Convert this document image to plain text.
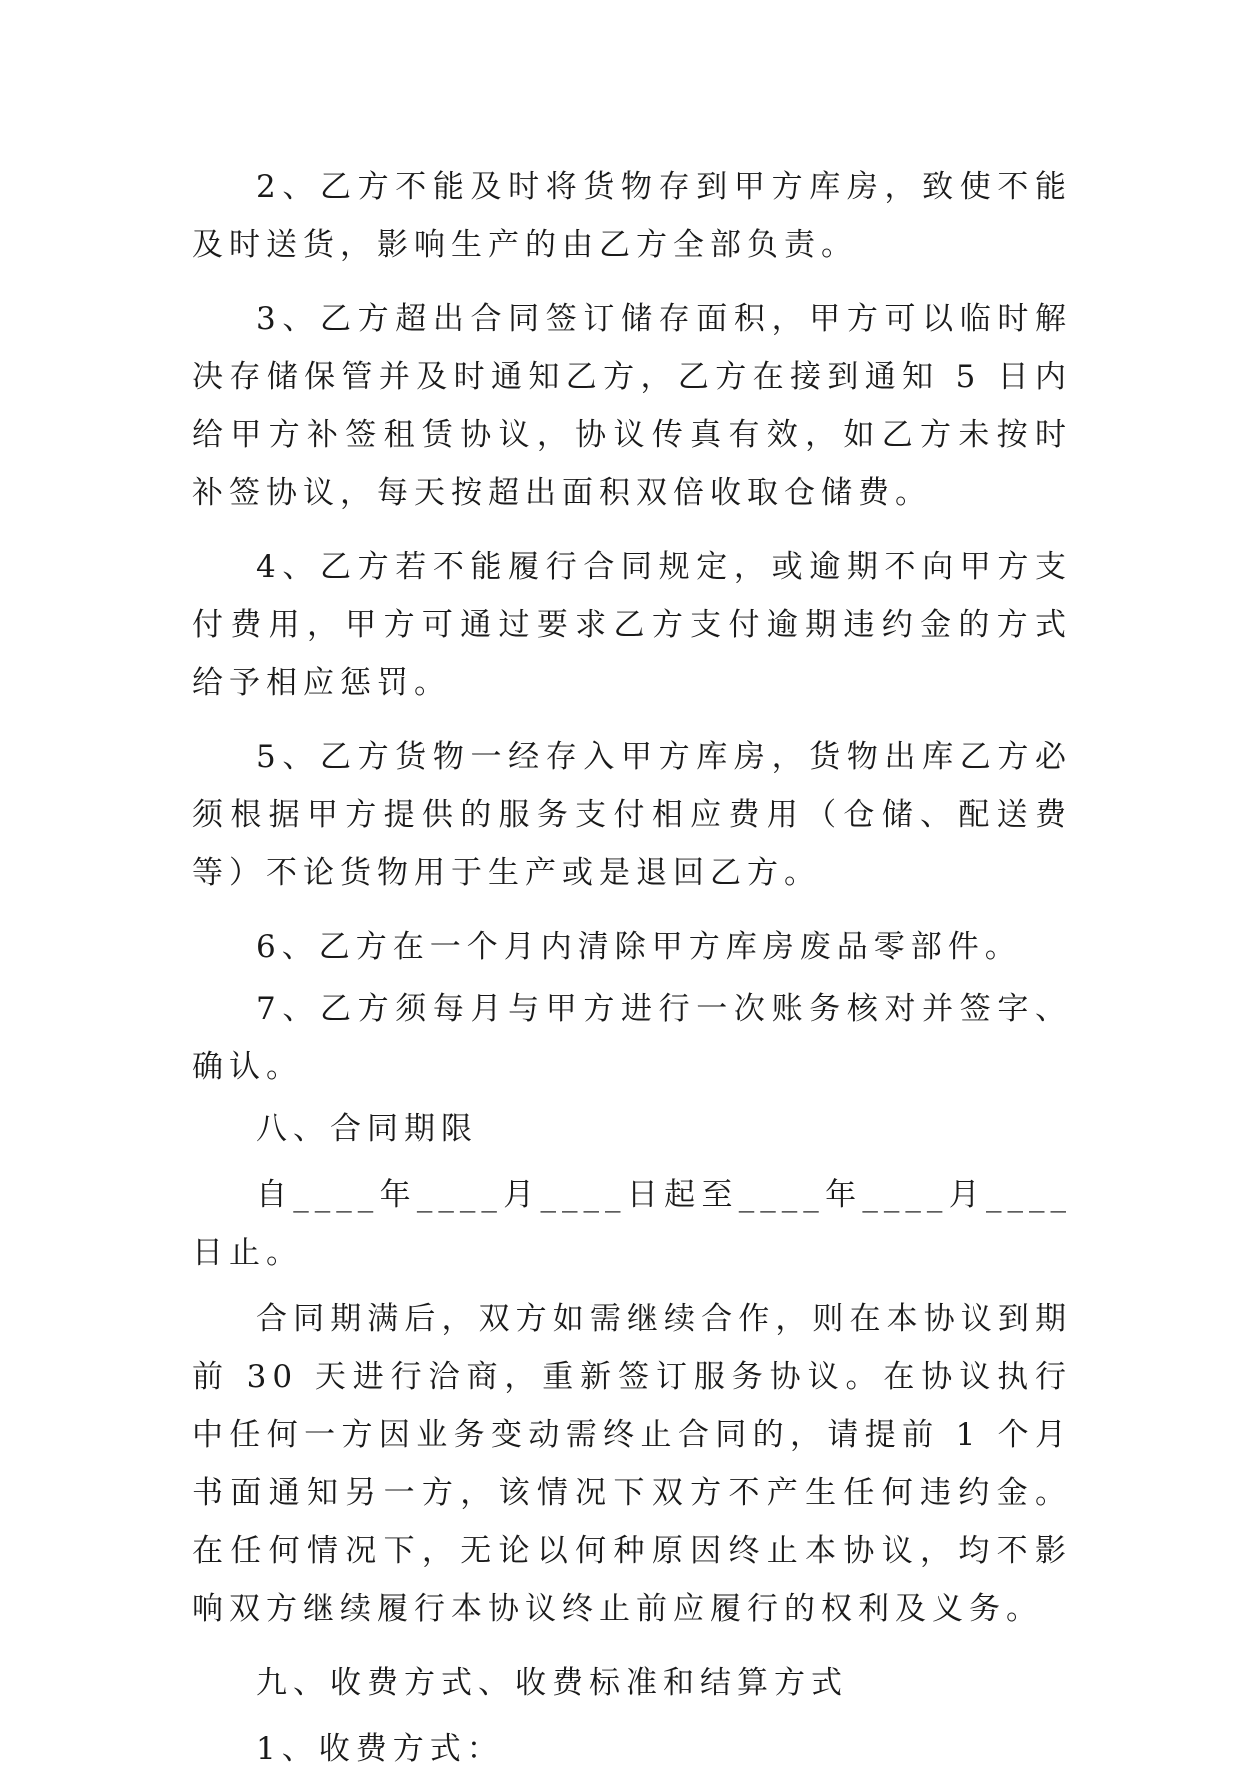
2、乙方不能及时将货物存到甲方库房，致使不能及时送货，影响生产的由乙方全部负责。

3、乙方超出合同签订储存面积，甲方可以临时解决存储保管并及时通知乙方，乙方在接到通知 5 日内给甲方补签租赁协议，协议传真有效，如乙方未按时补签协议，每天按超出面积双倍收取仓储费。

4、乙方若不能履行合同规定，或逾期不向甲方支付费用，甲方可通过要求乙方支付逾期违约金的方式给予相应惩罚。

5、乙方货物一经存入甲方库房，货物出库乙方必须根据甲方提供的服务支付相应费用（仓储、配送费等）不论货物用于生产或是退回乙方。

6、乙方在一个月内清除甲方库房废品零部件。

7、乙方须每月与甲方进行一次账务核对并签字、确认。

八、合同期限

自____年____月____日起至____年____月____日止。

合同期满后，双方如需继续合作，则在本协议到期前 30 天进行洽商，重新签订服务协议。在协议执行中任何一方因业务变动需终止合同的，请提前 1 个月书面通知另一方，该情况下双方不产生任何违约金。在任何情况下，无论以何种原因终止本协议，均不影响双方继续履行本协议终止前应履行的权利及义务。

九、收费方式、收费标准和结算方式

1、收费方式：
